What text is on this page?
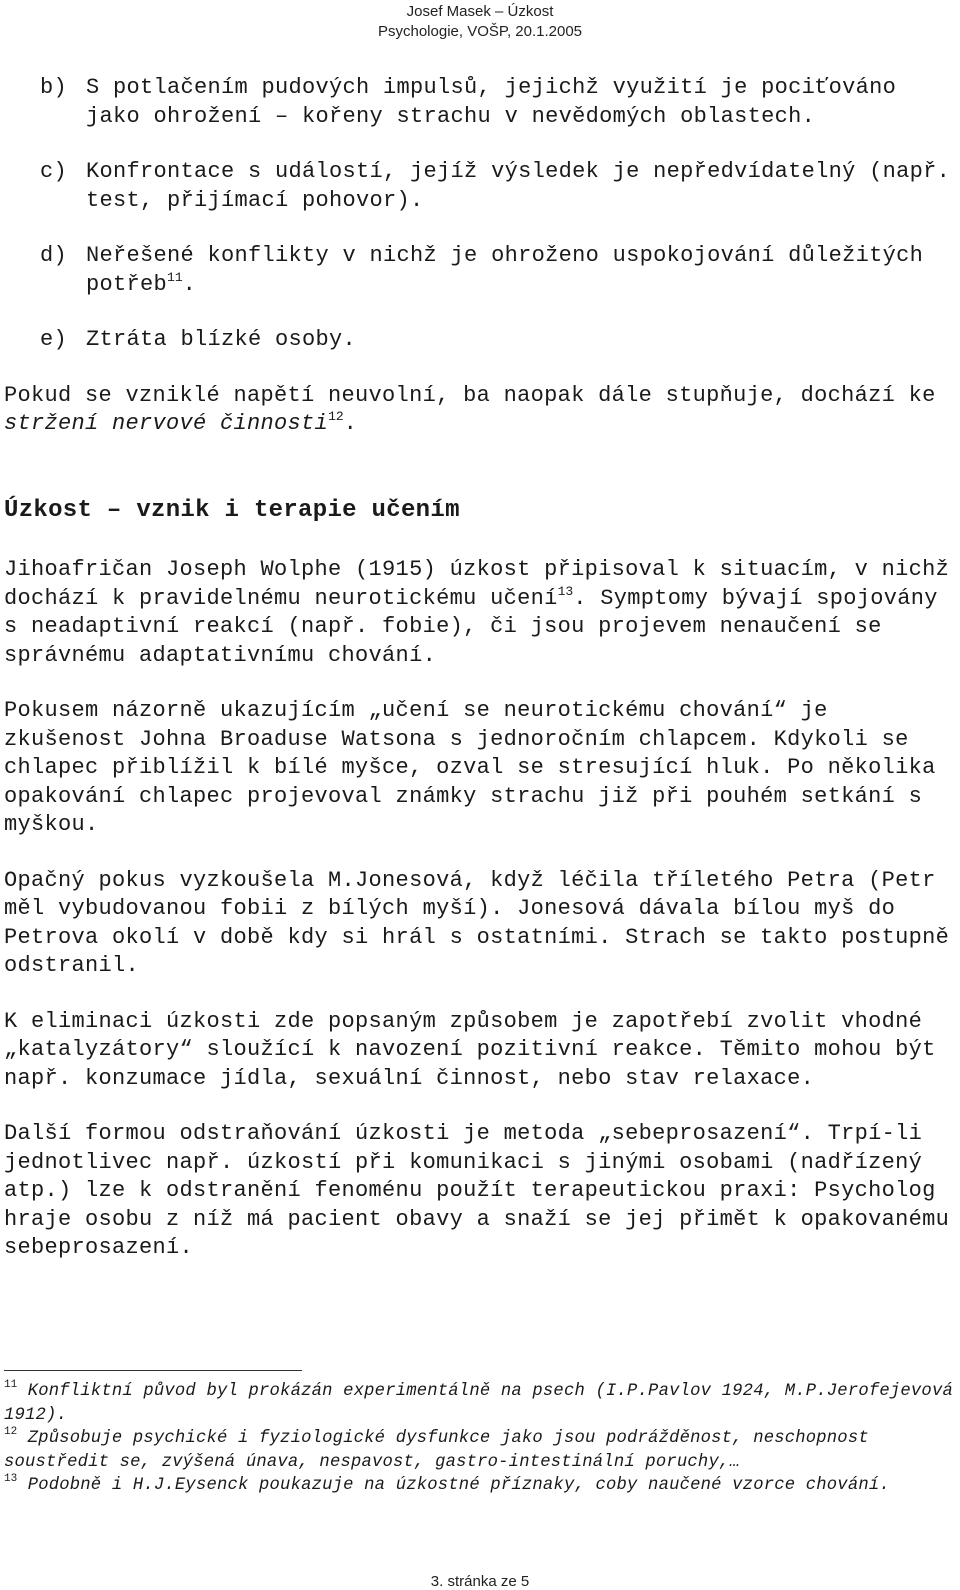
Josef Masek – Úzkost
Psychologie, VOŠP, 20.1.2005
b) S potlačením pudových impulsů, jejichž využití je pociťováno jako ohrožení – kořeny strachu v nevědomých oblastech.
c) Konfrontace s událostí, jejíž výsledek je nepředvídatelný (např. test, přijímací pohovor).
d) Neřešené konflikty v nichž je ohroženo uspokojování důležitých potřeb$^{11}$.
e) Ztráta blízké osoby.

Pokud se vzniklé napětí neuvolní, ba naopak dále stupňuje, dochází ke stržení nervové činnosti$^{12}$.

Úzkost – vznik i terapie učením

Jihoafričan Joseph Wolphe (1915) úzkost připisoval k situacím, v nichž dochází k pravidelnému neurotickému učení$^{13}$. Symptomy bývají spojovány s neadaptivní reakcí (např. fobie), či jsou projevem nenaučení se správnému adaptativnímu chování.

Pokusem názorně ukazujícím „učení se neurotickému chování“ je zkušenost Johna Broaduse Watsona s jednoročním chlapcem. Kdykoli se chlapec přiblížil k bílé myšce, ozval se stresující hluk. Po několika opakování chlapec projevoval známky strachu již při pouhém setkání s myškou.

Opačný pokus vyzkoušela M.Jonesová, když léčila tříletého Petra (Petr měl vybudovanou fobii z bílých myší). Jonesová dávala bílou myš do Petrova okolí v době kdy si hrál s ostatními. Strach se takto postupně odstranil.

K eliminaci úzkosti zde popsaným způsobem je zapotřebí zvolit vhodné „katalyzátory“ sloužící k navození pozitivní reakce. Těmito mohou být např. konzumace jídla, sexuální činnost, nebo stav relaxace.

Další formou odstraňování úzkosti je metoda „sebeprosazení“. Trpí-li jednotlivec např. úzkostí při komunikaci s jinými osobami (nadřízený atp.) lze k odstranění fenoménu použít terapeutickou praxi: Psycholog hraje osobu z níž má pacient obavy a snaží se jej přimět k opakovanému sebeprosazení.

$^{11}$ Konfliktní původ byl prokázán experimentálně na psech (I.P.Pavlov 1924, M.P.Jerofejevová 1912).

$^{12}$ Způsobuje psychické i fyziologické dysfunkce jako jsou podrážděnost, neschopnost soustředit se, zvýšená únava, nespavost, gastro-intestinální poruchy,…

$^{13}$ Podobně i H.J.Eysenck poukazuje na úzkostné příznaky, coby naučené vzorce chování.

3. stránka ze 5
